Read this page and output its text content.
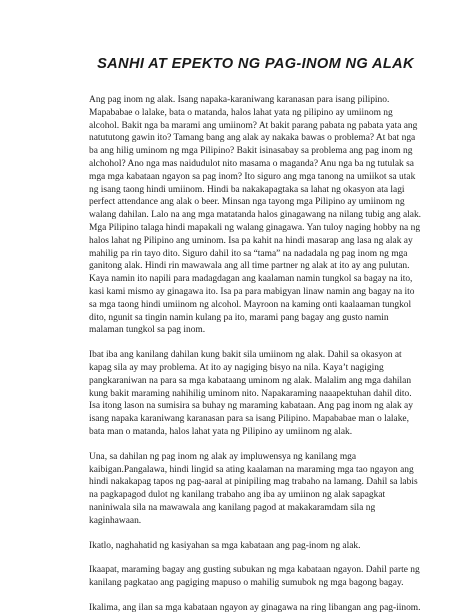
SANHI AT EPEKTO NG PAG-INOM NG ALAK

Ang pag inom ng alak. Isang napaka-karaniwang karanasan para isang pilipino. Mapababae o lalake, bata o matanda, halos lahat yata ng pilipino ay umiinom ng alcohol. Bakit nga ba marami ang umiinom? At bakit parang pabata ng pabata yata ang natututong gawin ito? Tamang bang ang alak ay nakaka bawas o problema? At bat nga ba ang hilig uminom ng mga Pilipino? Bakit isinasabay sa problema ang pag inom ng alchohol? Ano nga mas naidudulot nito masama o maganda? Anu nga ba ng tutulak sa mga mga kabataan ngayon sa pag inom? Ito siguro ang mga tanong na umiikot sa utak ng isang taong hindi umiinom. Hindi ba nakakapagtaka sa lahat ng okasyon ata lagi perfect attendance ang alak o beer. Minsan nga tayong mga Pilipino ay umiinom ng walang dahilan. Lalo na ang mga matatanda halos ginagawang na nilang tubig ang alak. Mga Pilipino talaga hindi mapakali ng walang ginagawa. Yan tuloy naging hobby na ng halos lahat ng Pilipino ang uminom. Isa pa kahit na hindi masarap ang lasa ng alak ay mahilig pa rin tayo dito. Siguro dahil ito sa “tama” na nadadala ng pag inom ng mga ganitong alak. Hindi rin mawawala ang all time partner ng alak at ito ay ang pulutan. Kaya namin ito napili para madagdagan ang kaalaman namin tungkol sa bagay na ito, kasi kami mismo ay ginagawa ito. Isa pa para mabigyan linaw namin ang bagay na ito sa mga taong hindi umiinom ng alcohol. Mayroon na kaming onti kaalaaman tungkol dito, ngunit sa tingin namin kulang pa ito, marami pang bagay ang gusto namin malaman tungkol sa pag inom.

Ibat iba ang kanilang dahilan kung bakit sila umiinom ng alak. Dahil sa okasyon at kapag sila ay may problema. At ito ay nagiging bisyo na nila. Kaya’t nagiging pangkaraniwan na para sa mga kabataang uminom ng alak. Malalim ang mga dahilan kung bakit maraming nahihilig uminom nito. Napakaraming naaapektuhan dahil dito. Isa itong lason na sumisira sa buhay ng maraming kabataan. Ang pag inom ng alak ay isang napaka karaniwang karanasan para sa isang Pilipino. Mapababae man o lalake, bata man o matanda, halos lahat yata ng Pilipino ay umiinom ng alak.

Una, sa dahilan ng pag inom ng alak ay impluwensya ng kanilang mga kaibigan.Pangalawa, hindi lingid sa ating kaalaman na maraming mga tao ngayon ang hindi nakakapag tapos ng pag-aaral at pinipiling mag trabaho na lamang. Dahil sa labis na pagkapagod dulot ng kanilang trabaho ang iba ay umiinon ng alak sapagkat naniniwala sila na mawawala ang kanilang pagod at makakaramdam sila ng kaginhawaan.

Ikatlo, naghahatid ng kasiyahan sa mga kabataan ang pag-inom ng alak.

Ikaapat, maraming bagay ang gusting subukan ng mga kabataan ngayon. Dahil parte ng kanilang pagkatao ang pagiging mapuso o mahilig sumubok ng mga bagong bagay.

Ikalima, ang ilan sa mga kabataan ngayon ay ginagawa na ring libangan ang pag-iinom.
